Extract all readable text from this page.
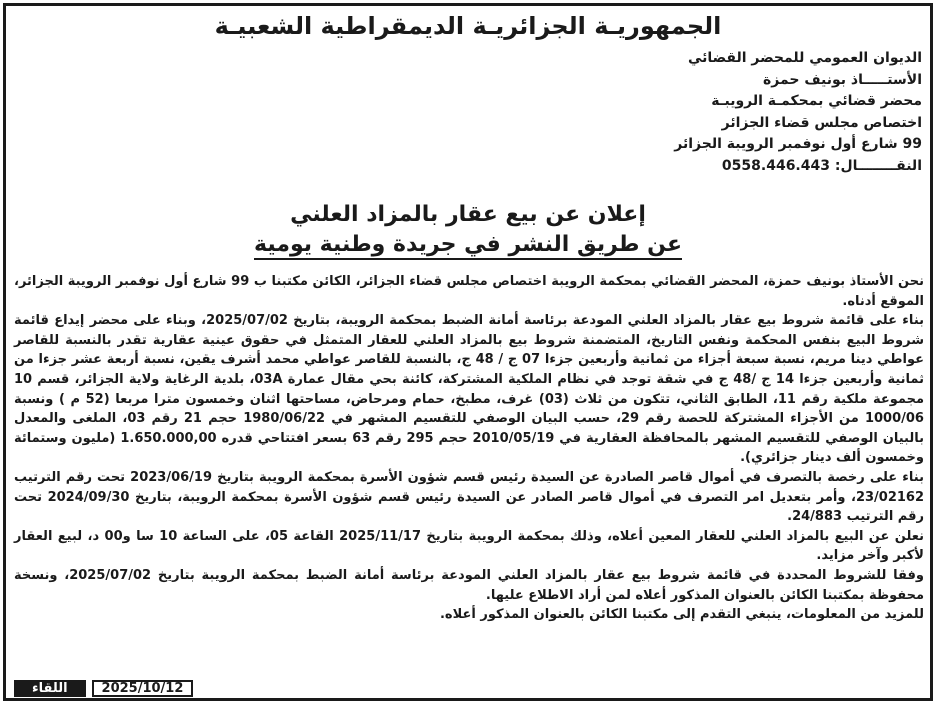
الجمهوريـة الجزائريـة الديمقراطية الشعبيـة
الديوان العمومي للمحضر القضائي
الأستـــــاذ بونيف حمزة
محضر قضائي بمحكمـة الرويبـة
اختصاص مجلس قضاء الجزائر
99 شارع أول نوفمبر الرويبة الجزائر
النقــــــــال: 0558.446.443
إعلان عن بيع عقار بالمزاد العلني
عن طريق النشر في جريدة وطنية يومية

نحن الأستاذ بونيف حمزة، المحضر القضائي بمحكمة الرويبة اختصاص مجلس قضاء الجزائر، الكائن مكتبنا ب 99 شارع أول نوفمبر الرويبة الجزائر، الموقع أدناه.

بناء على قائمة شروط بيع عقار بالمزاد العلني المودعة برئاسة أمانة الضبط بمحكمة الرويبة، بتاريخ 2025/07/02، وبناء على محضر إيداع قائمة شروط البيع بنفس المحكمة ونفس التاريخ، المتضمنة شروط بيع بالمزاد العلني للعقار المتمثل في حقوق عينية عقارية تقدر بالنسبة للقاصر عواطي دينا مريم، نسبة سبعة أجزاء من ثمانية وأربعين جزءا 07 ج / 48 ج، بالنسبة للقاصر عواطي محمد أشرف يقين، نسبة أربعة عشر جزءا من ثمانية وأربعين جزءا 14 ج /48 ج في شقة توجد في نظام الملكية المشتركة، كائنة بحي مقال عمارة 03A، بلدية الرغاية ولاية الجزائر، قسم 10 مجموعة ملكية رقم 11، الطابق الثاني، تتكون من ثلاث (03) غرف، مطبخ، حمام ومرحاض، مساحتها اثنان وخمسون مترا مربعا (52 م ) ونسبة 1000/06 من الأجزاء المشتركة للحصة رقم 29، حسب البيان الوصفي للتقسيم المشهر في 1980/06/22 حجم 21 رقم 03، الملغى والمعدل بالبيان الوصفي للتقسيم المشهر بالمحافظة العقارية في 2010/05/19 حجم 295 رقم 63 بسعر افتتاحي قدره 1.650.000,00 (مليون وستمائة وخمسون ألف دينار جزائري).

بناء على رخصة بالتصرف في أموال قاصر الصادرة عن السيدة رئيس قسم شؤون الأسرة بمحكمة الرويبة بتاريخ 2023/06/19 تحت رقم الترتيب 23/02162، وأمر بتعديل امر التصرف في أموال قاصر الصادر عن السيدة رئيس قسم شؤون الأسرة بمحكمة الرويبة، بتاريخ 2024/09/30 تحت رقم الترتيب 24/883.

نعلن عن البيع بالمزاد العلني للعقار المعين أعلاه، وذلك بمحكمة الرويبة بتاريخ 2025/11/17 القاعة 05، على الساعة 10 سا و00 د، لبيع العقار لأكبر وآخر مزايد.

وفقا للشروط المحددة في قائمة شروط بيع عقار بالمزاد العلني المودعة برئاسة أمانة الضبط بمحكمة الرويبة بتاريخ 2025/07/02، ونسخة محفوظة بمكتبنا الكائن بالعنوان المذكور أعلاه لمن أراد الاطلاع عليها.

للمزيد من المعلومات، ينبغي التقدم إلى مكتبنا الكائن بالعنوان المذكور أعلاه.

اللقاء	2025/10/12
